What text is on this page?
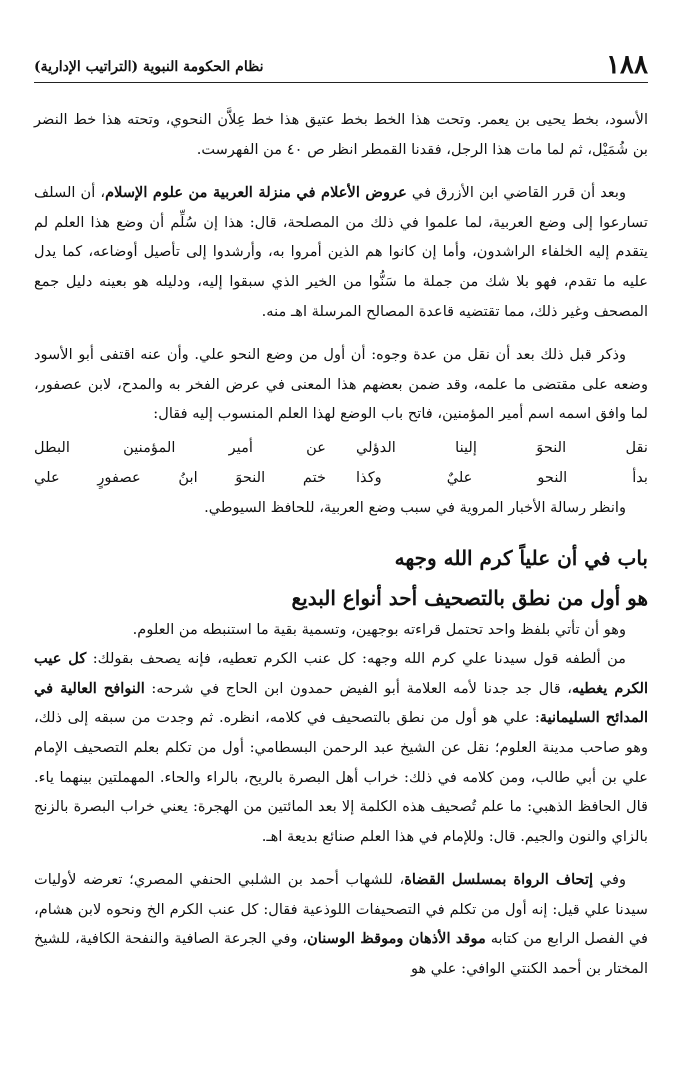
١٨٨
نظام الحكومة النبوية (التراتيب الإدارية)

الأسود، بخط يحيى بن يعمر. وتحت هذا الخط بخط عتيق هذا خط عِلاَّن النحوي، وتحته هذا خط النضر بن شُمَيْل، ثم لما مات هذا الرجل، فقدنا القمطر انظر ص ٤٠ من الفهرست.

وبعد أن قرر القاضي ابن الأزرق في عروض الأعلام في منزلة العربية من علوم الإسلام، أن السلف تسارعوا إلى وضع العربية، لما علموا في ذلك من المصلحة، قال: هذا إن سُلِّم أن وضع هذا العلم لم يتقدم إليه الخلفاء الراشدون، وأما إن كانوا هم الذين أمروا به، وأرشدوا إلى تأصيل أوضاعه، كما يدل عليه ما تقدم، فهو بلا شك من جملة ما سَنُّوا من الخير الذي سبقوا إليه، ودليله هو بعينه دليل جمع المصحف وغير ذلك، مما تقتضيه قاعدة المصالح المرسلة اهـ منه.

وذكر قبل ذلك بعد أن نقل من عدة وجوه: أن أول من وضع النحو علي. وأن عنه اقتفى أبو الأسود وضعه على مقتضى ما علمه، وقد ضمن بعضهم هذا المعنى في عرض الفخر به والمدح، لابن عصفور، لما وافق اسمه اسم أمير المؤمنين، فاتح باب الوضع لهذا العلم المنسوب إليه فقال:

نقل النحوَ إلينا الدؤلي
عن أمير المؤمنين البطل
بدأ النحو عليٌ وكذا
ختم النحوَ ابنُ عصفورٍ علي

وانظر رسالة الأخبار المروية في سبب وضع العربية، للحافظ السيوطي.

باب في أن علياً كرم الله وجهه
هو أول من نطق بالتصحيف أحد أنواع البديع

وهو أن تأتي بلفظ واحد تحتمل قراءته بوجهين، وتسمية بقية ما استنبطه من العلوم.

من ألطفه قول سيدنا علي كرم الله وجهه: كل عنب الكرم تعطيه، فإنه يصحف بقولك: كل عيب الكرم يغطيه، قال جد جدنا لأمه العلامة أبو الفيض حمدون ابن الحاج في شرحه: النوافح العالية في المدائح السليمانية: علي هو أول من نطق بالتصحيف في كلامه، انظره. ثم وجدت من سبقه إلى ذلك، وهو صاحب مدينة العلوم؛ نقل عن الشيخ عبد الرحمن البسطامي: أول من تكلم بعلم التصحيف الإمام علي بن أبي طالب، ومن كلامه في ذلك: خراب أهل البصرة بالريح، بالراء والحاء. المهملتين بينهما ياء. قال الحافظ الذهبي: ما علم تُصحيف هذه الكلمة إلا بعد المائتين من الهجرة: يعني خراب البصرة بالزنج بالزاي والنون والجيم. قال: وللإمام في هذا العلم صنائع بديعة اهـ.

وفي إتحاف الرواة بمسلسل القضاة، للشهاب أحمد بن الشلبي الحنفي المصري؛ تعرضه لأوليات سيدنا علي قيل: إنه أول من تكلم في التصحيفات اللوذعية فقال: كل عنب الكرم الخ ونحوه لابن هشام، في الفصل الرابع من كتابه موقد الأذهان وموقظ الوسنان، وفي الجرعة الصافية والنفحة الكافية، للشيخ المختار بن أحمد الكنتي الوافي: علي هو
